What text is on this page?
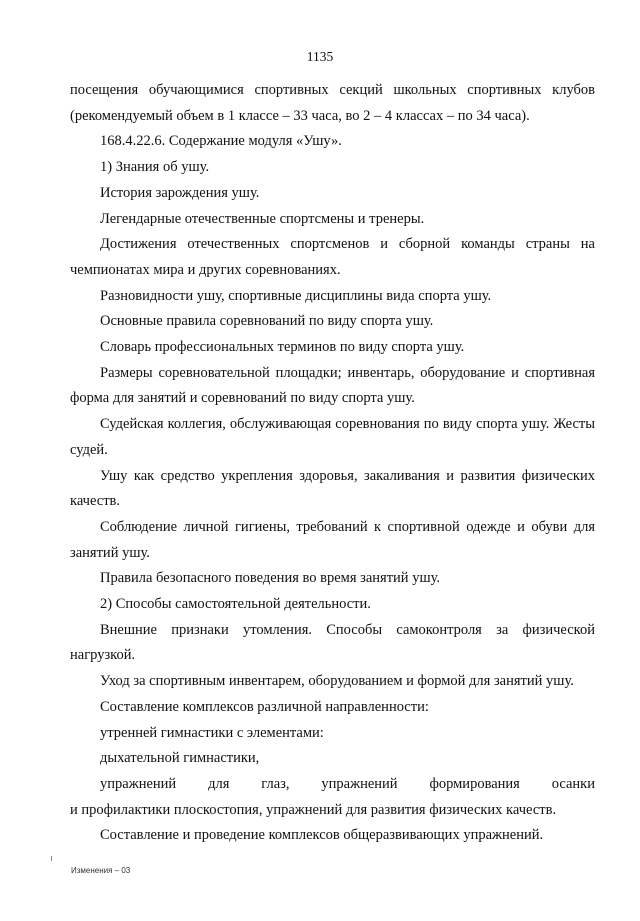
1135

посещения обучающимися спортивных секций школьных спортивных клубов (рекомендуемый объем в 1 классе – 33 часа, во 2 – 4 классах – по 34 часа).

168.4.22.6. Содержание модуля «Ушу».

1) Знания об ушу.

История зарождения ушу.

Легендарные отечественные спортсмены и тренеры.

Достижения отечественных спортсменов и сборной команды страны на чемпионатах мира и других соревнованиях.

Разновидности ушу, спортивные дисциплины вида спорта ушу.

Основные правила соревнований по виду спорта ушу.

Словарь профессиональных терминов по виду спорта ушу.

Размеры соревновательной площадки; инвентарь, оборудование и спортивная форма для занятий и соревнований по виду спорта ушу.

Судейская коллегия, обслуживающая соревнования по виду спорта ушу. Жесты судей.

Ушу как средство укрепления здоровья, закаливания и развития физических качеств.

Соблюдение личной гигиены, требований к спортивной одежде и обуви для занятий ушу.

Правила безопасного поведения во время занятий ушу.

2) Способы самостоятельной деятельности.

Внешние признаки утомления. Способы самоконтроля за физической нагрузкой.

Уход за спортивным инвентарем, оборудованием и формой для занятий ушу.

Составление комплексов различной направленности:

утренней гимнастики с элементами:

дыхательной гимнастики,

упражнений для глаз, упражнений формирования осанки

и профилактики плоскостопия, упражнений для развития физических качеств.

Составление и проведение комплексов общеразвивающих упражнений.

Изменения – 03
